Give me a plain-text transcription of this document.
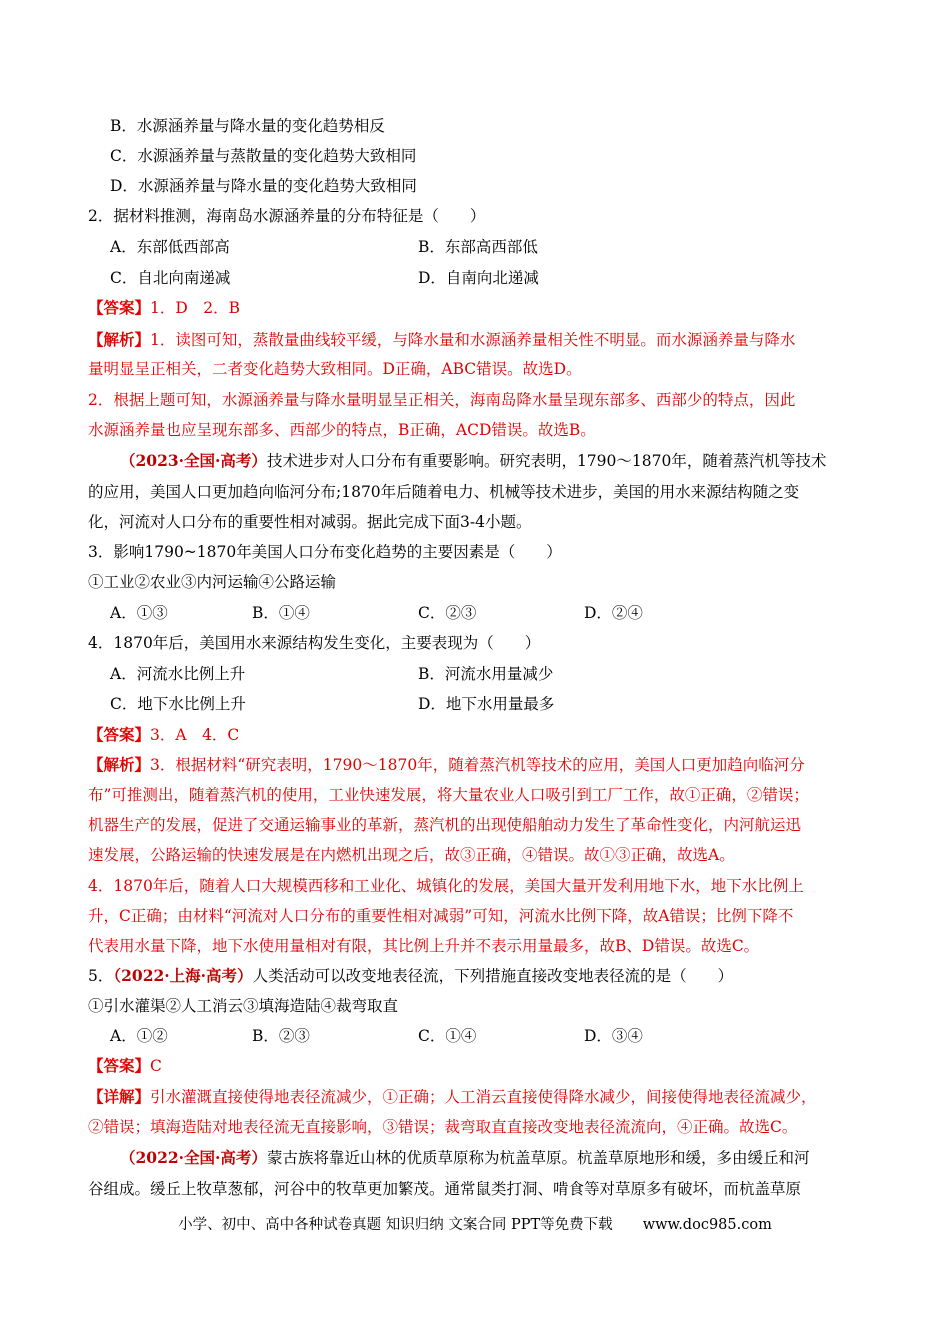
B．水源涵养量与降水量的变化趋势相反
C．水源涵养量与蒸散量的变化趋势大致相同
D．水源涵养量与降水量的变化趋势大致相同
2．据材料推测，海南岛水源涵养量的分布特征是（　　）
A．东部低西部高	B．东部高西部低
C．自北向南递减	D．自南向北递减
【答案】1．D　2．B
【解析】1．读图可知，蒸散量曲线较平缓，与降水量和水源涵养量相关性不明显。而水源涵养量与降水
量明显呈正相关，二者变化趋势大致相同。D正确，ABC错误。故选D。
2．根据上题可知，水源涵养量与降水量明显呈正相关，海南岛降水量呈现东部多、西部少的特点，因此
水源涵养量也应呈现东部多、西部少的特点，B正确，ACD错误。故选B。
（2023·全国·高考）技术进步对人口分布有重要影响。研究表明，1790～1870年，随着蒸汽机等技术
的应用，美国人口更加趋向临河分布;1870年后随着电力、机械等技术进步，美国的用水来源结构随之变
化，河流对人口分布的重要性相对减弱。据此完成下面3-4小题。
3．影响1790~1870年美国人口分布变化趋势的主要因素是（　　）
①工业②农业③内河运输④公路运输
A．①③	B．①④	C．②③	D．②④
4．1870年后，美国用水来源结构发生变化，主要表现为（　　）
A．河流水比例上升	B．河流水用量减少
C．地下水比例上升	D．地下水用量最多
【答案】3．A　4．C
【解析】3．根据材料“研究表明，1790～1870年，随着蒸汽机等技术的应用，美国人口更加趋向临河分
布”可推测出，随着蒸汽机的使用，工业快速发展，将大量农业人口吸引到工厂工作，故①正确，②错误；
机器生产的发展，促进了交通运输事业的革新，蒸汽机的出现使船舶动力发生了革命性变化，内河航运迅
速发展，公路运输的快速发展是在内燃机出现之后，故③正确，④错误。故①③正确，故选A。
4．1870年后，随着人口大规模西移和工业化、城镇化的发展，美国大量开发利用地下水，地下水比例上
升，C正确；由材料“河流对人口分布的重要性相对减弱”可知，河流水比例下降，故A错误；比例下降不
代表用水量下降，地下水使用量相对有限，其比例上升并不表示用量最多，故B、D错误。故选C。
5．（2022·上海·高考）人类活动可以改变地表径流，下列措施直接改变地表径流的是（　　）
①引水灌渠②人工消云③填海造陆④裁弯取直
A．①②	B．②③	C．①④	D．③④
【答案】C
【详解】引水灌溉直接使得地表径流减少，①正确；人工消云直接使得降水减少，间接使得地表径流减少，
②错误；填海造陆对地表径流无直接影响，③错误；裁弯取直直接改变地表径流流向，④正确。故选C。
（2022·全国·高考）蒙古族将靠近山林的优质草原称为杭盖草原。杭盖草原地形和缓，多由缓丘和河
谷组成。缓丘上牧草葱郁，河谷中的牧草更加繁茂。通常鼠类打洞、啃食等对草原多有破坏，而杭盖草原
小学、初中、高中各种试卷真题 知识归纳 文案合同 PPT等免费下载 www.doc985.com
